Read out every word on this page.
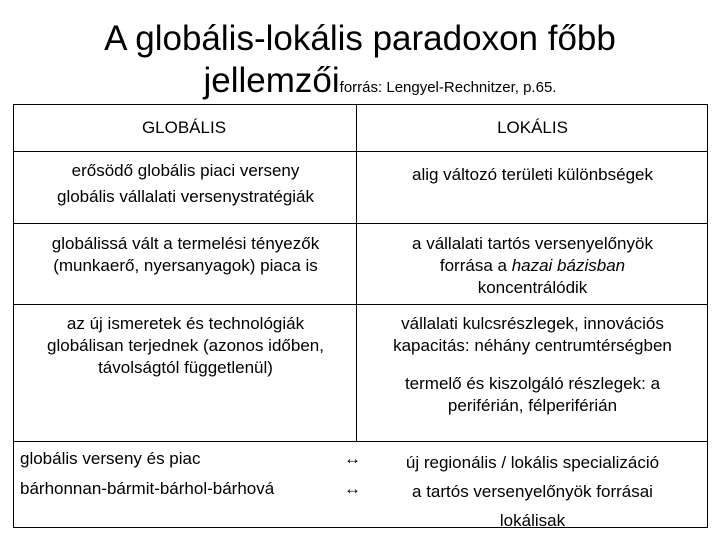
A globális-lokális paradoxon főbb
jellemzőiforrás: Lengyel-Rechnitzer, p.65.
GLOBÁLIS	LOKÁLIS
erősödő globális piaci verseny
globális vállalati versenystratégiák
alig változó területi különbségek
globálissá vált a termelési tényezők
(munkaerő, nyersanyagok) piaca is
a vállalati tartós versenyelőnyök
forrása a hazai bázisban
koncentrálódik
az új ismeretek és technológiák
globálisan terjednek (azonos időben,
távolságtól függetlenül)
vállalati kulcsrészlegek, innovációs
kapacitás: néhány centrumtérségben
termelő és kiszolgáló részlegek: a
periférián, félperiférián
globális verseny és piac
bárhonnan-bármit-bárhol-bárhová
↔
↔
új regionális / lokális specializáció
a tartós versenyelőnyök forrásai
lokálisak
